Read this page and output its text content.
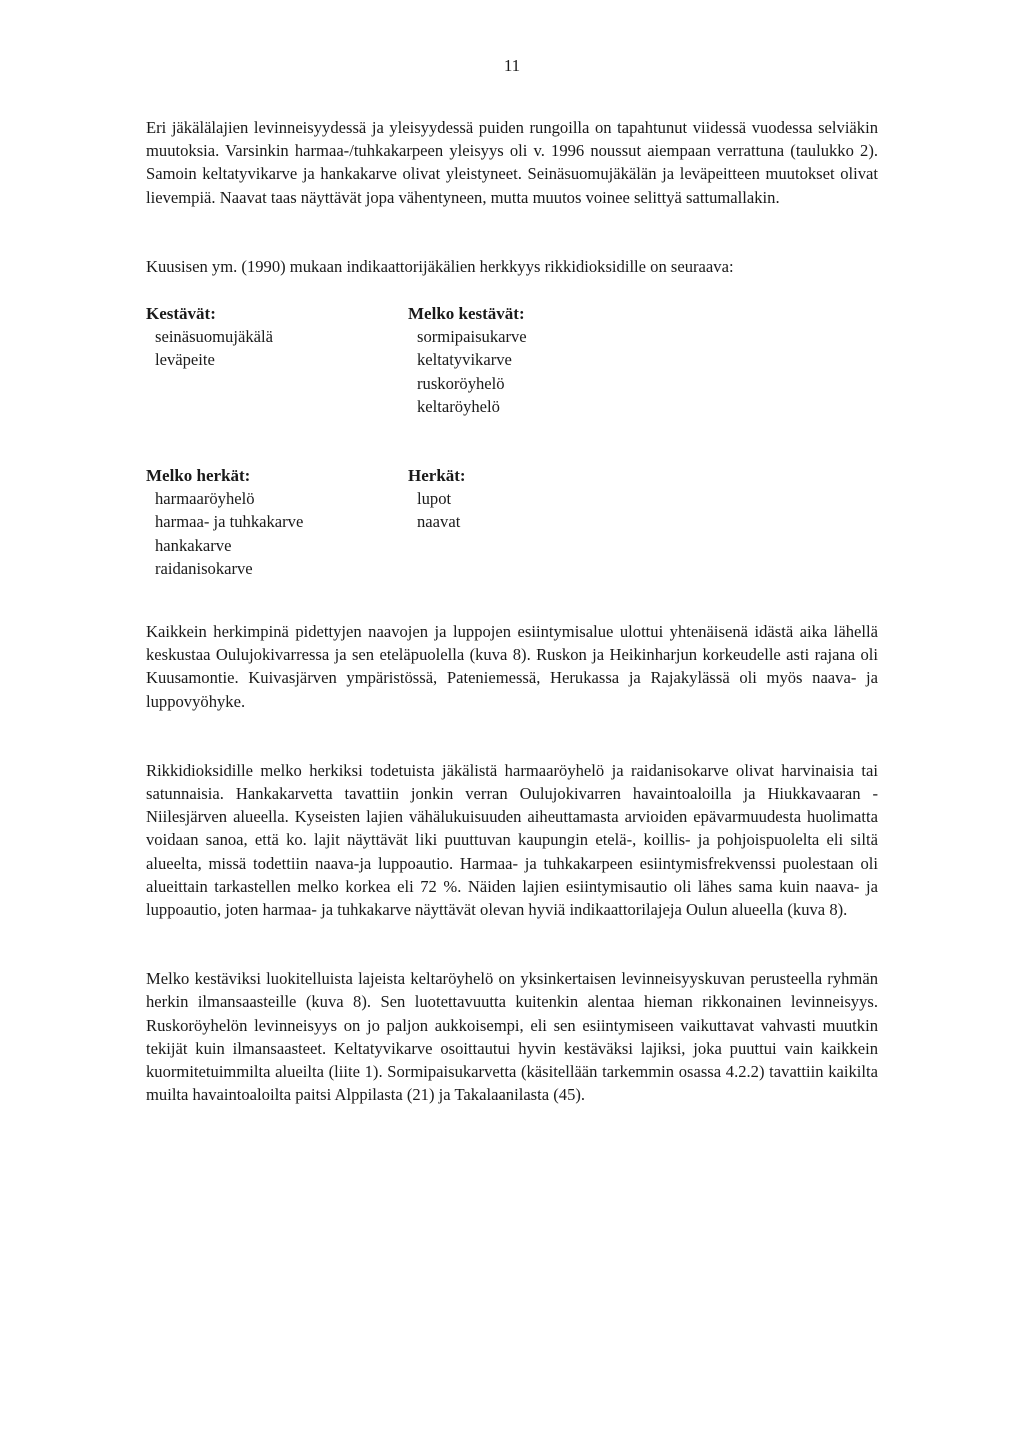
11

Eri jäkälälajien levinneisyydessä ja yleisyydessä puiden rungoilla on tapahtunut viidessä vuodessa selviäkin muutoksia. Varsinkin harmaa-/tuhkakarpeen yleisyys oli v. 1996 noussut aiempaan verrattuna (taulukko 2). Samoin keltatyvikarve ja hankakarve olivat yleistyneet. Seinäsuomujäkälän ja leväpeitteen muutokset olivat lievempiä. Naavat taas näyttävät jopa vähentyneen, mutta muutos voinee selittyä sattumallakin.

Kuusisen ym. (1990) mukaan indikaattorijäkälien herkkyys rikkidioksidille on seuraava:

Kestävät:
seinäsuomujäkälä
leväpeite
Melko kestävät:
sormipaisukarve
keltatyvikarve
ruskoröyhelö
keltaröyhelö
Melko herkät:
harmaaröyhelö
harmaa- ja tuhkakarve
hankakarve
raidanisokarve
Herkät:
lupot
naavat

Kaikkein herkimpinä pidettyjen naavojen ja luppojen esiintymisalue ulottui yhtenäisenä idästä aika lähellä keskustaa Oulujokivarressa ja sen eteläpuolella (kuva 8). Ruskon ja Heikinharjun korkeudelle asti rajana oli Kuusamontie. Kuivasjärven ympäristössä, Pateniemessä, Herukassa ja Rajakylässä oli myös naava- ja luppovyöhyke.

Rikkidioksidille melko herkiksi todetuista jäkälistä harmaaröyhelö ja raidanisokarve olivat harvinaisia tai satunnaisia. Hankakarvetta tavattiin jonkin verran Oulujokivarren havaintoaloilla ja Hiukkavaaran - Niilesjärven alueella. Kyseisten lajien vähälukuisuuden aiheuttamasta arvioiden epävarmuudesta huolimatta voidaan sanoa, että ko. lajit näyttävät liki puuttuvan kaupungin etelä-, koillis- ja pohjoispuolelta eli siltä alueelta, missä todettiin naava-ja luppoautio. Harmaa- ja tuhkakarpeen esiintymisfrekvenssi puolestaan oli alueittain tarkastellen melko korkea eli 72 %. Näiden lajien esiintymisautio oli lähes sama kuin naava- ja luppoautio, joten harmaa- ja tuhkakarve näyttävät olevan hyviä indikaattorilajeja Oulun alueella (kuva 8).

Melko kestäviksi luokitelluista lajeista keltaröyhelö on yksinkertaisen levinneisyyskuvan perusteella ryhmän herkin ilmansaasteille (kuva 8). Sen luotettavuutta kuitenkin alentaa hieman rikkonainen levinneisyys. Ruskoröyhelön levinneisyys on jo paljon aukkoisempi, eli sen esiintymiseen vaikuttavat vahvasti muutkin tekijät kuin ilmansaasteet. Keltatyvikarve osoittautui hyvin kestäväksi lajiksi, joka puuttui vain kaikkein kuormitetuimmilta alueilta (liite 1). Sormipaisukarvetta (käsitellään tarkemmin osassa 4.2.2) tavattiin kaikilta muilta havaintoaloilta paitsi Alppilasta (21) ja Takalaanilasta (45).
